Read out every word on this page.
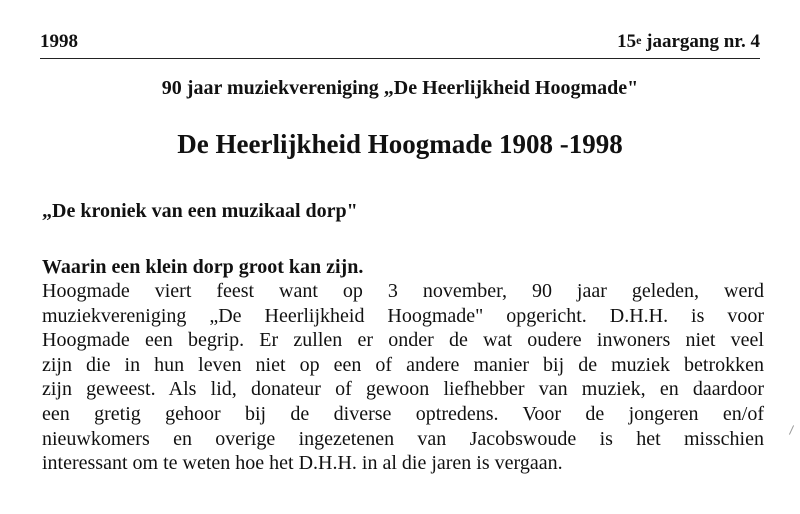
1998	15e jaargang nr. 4
90 jaar muziekvereniging „De Heerlijkheid Hoogmade"
De Heerlijkheid Hoogmade 1908 -1998
„De kroniek van een muzikaal dorp"
Waarin een klein dorp groot kan zijn.
Hoogmade viert feest want op 3 november, 90 jaar geleden, werd
muziekvereniging „De Heerlijkheid Hoogmade" opgericht. D.H.H. is voor
Hoogmade een begrip. Er zullen er onder de wat oudere inwoners niet veel
zijn die in hun leven niet op een of andere manier bij de muziek betrokken
zijn geweest. Als lid, donateur of gewoon liefhebber van muziek, en daardoor
een gretig gehoor bij de diverse optredens. Voor de jongeren en/of
nieuwkomers en overige ingezetenen van Jacobswoude is het misschien
interessant om te weten hoe het D.H.H. in al die jaren is vergaan.
